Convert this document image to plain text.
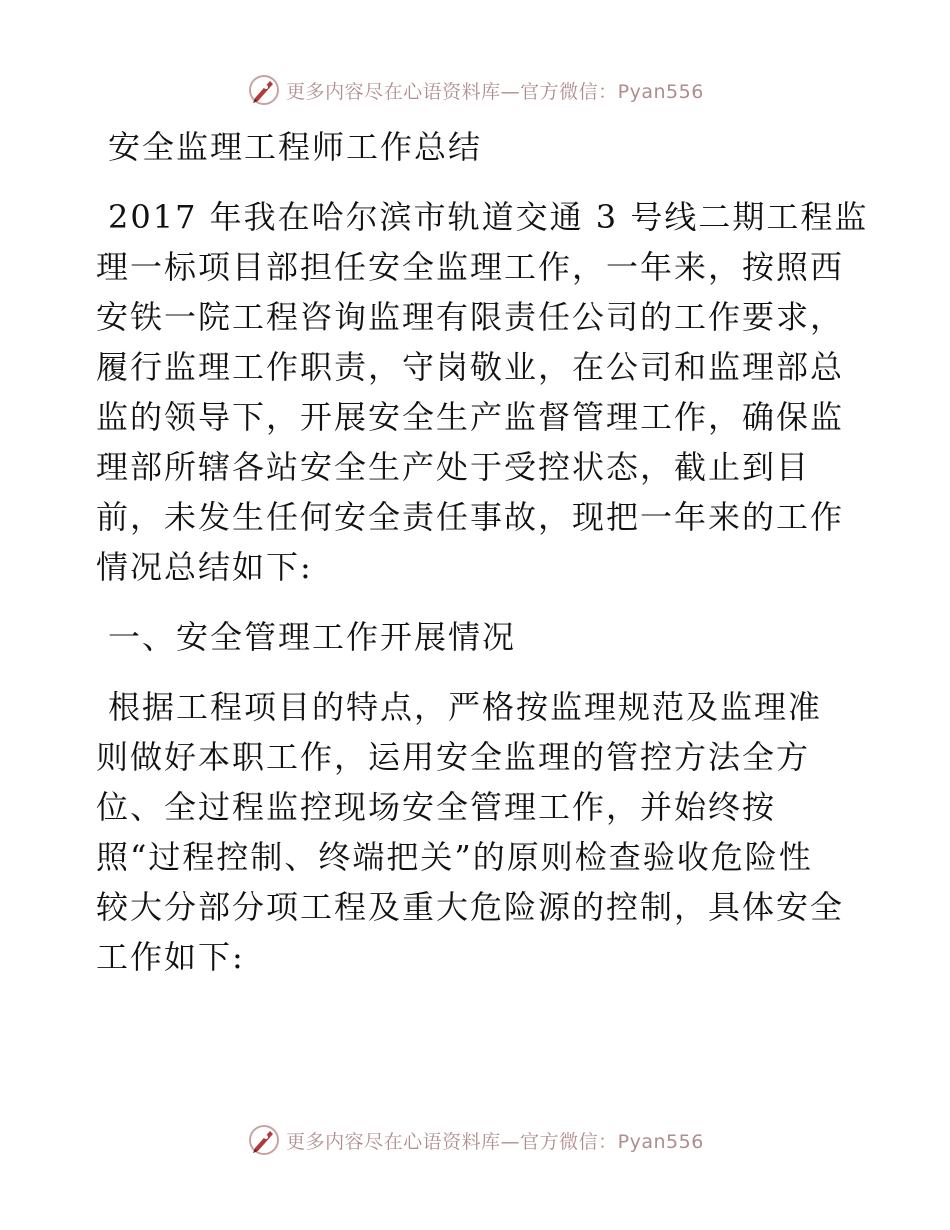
更多内容尽在心语资料库—官方微信：Pyan556
安全监理工程师工作总结
2017 年我在哈尔滨市轨道交通 3 号线二期工程监
理一标项目部担任安全监理工作，一年来，按照西
安铁一院工程咨询监理有限责任公司的工作要求，
履行监理工作职责，守岗敬业，在公司和监理部总
监的领导下，开展安全生产监督管理工作，确保监
理部所辖各站安全生产处于受控状态，截止到目
前，未发生任何安全责任事故，现把一年来的工作
情况总结如下:
一、安全管理工作开展情况
根据工程项目的特点，严格按监理规范及监理准
则做好本职工作，运用安全监理的管控方法全方
位、全过程监控现场安全管理工作，并始终按
照“过程控制、终端把关”的原则检查验收危险性
较大分部分项工程及重大危险源的控制，具体安全
工作如下:
更多内容尽在心语资料库—官方微信：Pyan556
